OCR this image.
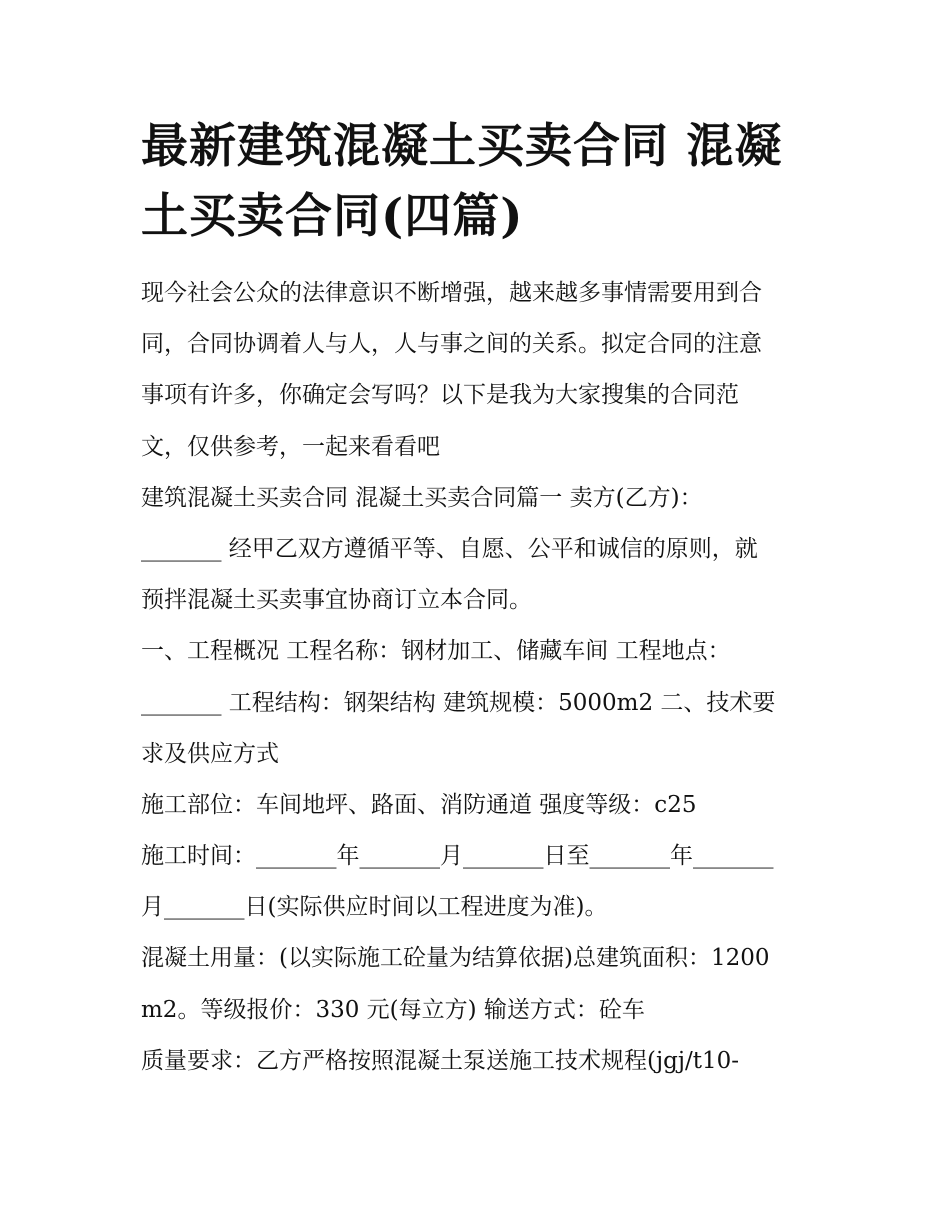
最新建筑混凝土买卖合同 混凝
土买卖合同(四篇)
现今社会公众的法律意识不断增强，越来越多事情需要用到合
同，合同协调着人与人，人与事之间的关系。拟定合同的注意
事项有许多，你确定会写吗？以下是我为大家搜集的合同范
文，仅供参考，一起来看看吧
建筑混凝土买卖合同 混凝土买卖合同篇一 卖方(乙方)：
_______ 经甲乙双方遵循平等、自愿、公平和诚信的原则，就
预拌混凝土买卖事宜协商订立本合同。
一、工程概况 工程名称：钢材加工、储藏车间 工程地点：
_______ 工程结构：钢架结构 建筑规模：5000m2 二、技术要
求及供应方式
施工部位：车间地坪、路面、消防通道 强度等级：c25
施工时间：_______年_______月_______日至_______年_______
月_______日(实际供应时间以工程进度为准)。
混凝土用量：(以实际施工砼量为结算依据)总建筑面积：1200
m2。等级报价：330 元(每立方) 输送方式：砼车
质量要求：乙方严格按照混凝土泵送施工技术规程(jgj/t10-
